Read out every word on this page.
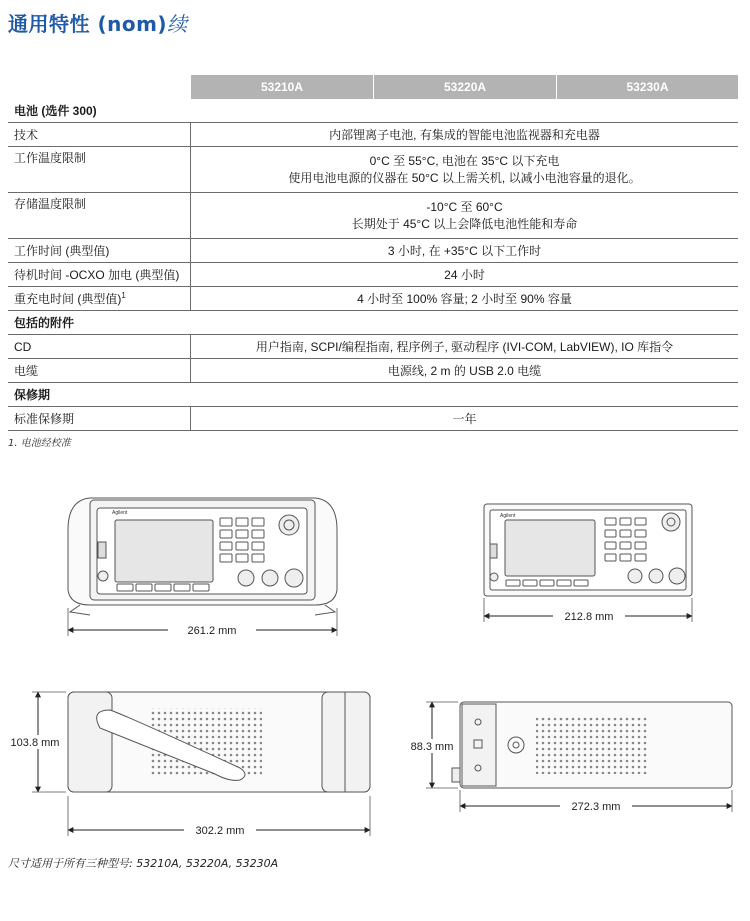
通用特性 (nom)续
	53210A	53220A	53230A
电池 (选件 300)			
技术	内部锂离子电池, 有集成的智能电池监视器和充电器		
工作温度限制	0°C 至 55°C, 电池在 35°C 以下充电
使用电池电源的仪器在 50°C 以上需关机, 以减小电池容量的退化。		

存储温度限制	-10°C 至 60°C
长期处于 45°C 以上会降低电池性能和寿命		

工作时间 (典型值)	3 小时, 在 +35°C 以下工作时		
待机时间 -OCXO 加电 (典型值)	24 小时		
重充电时间 (典型值)$^1$	4 小时至 100% 容量; 2 小时至 90% 容量		
包括的附件			
CD	用户指南, SCPI/编程指南, 程序例子, 驱动程序 (IVI-COM, LabVIEW), IO 库指令		
电缆	电源线, 2 m 的 USB 2.0 电缆		
保修期			
标准保修期	一年		
1. 电池经校准
Agilent
261.2 mm
Agilent
212.8 mm
103.8 mm
302.2 mm
88.3 mm
272.3 mm
尺寸适用于所有三种型号: 53210A, 53220A, 53230A
